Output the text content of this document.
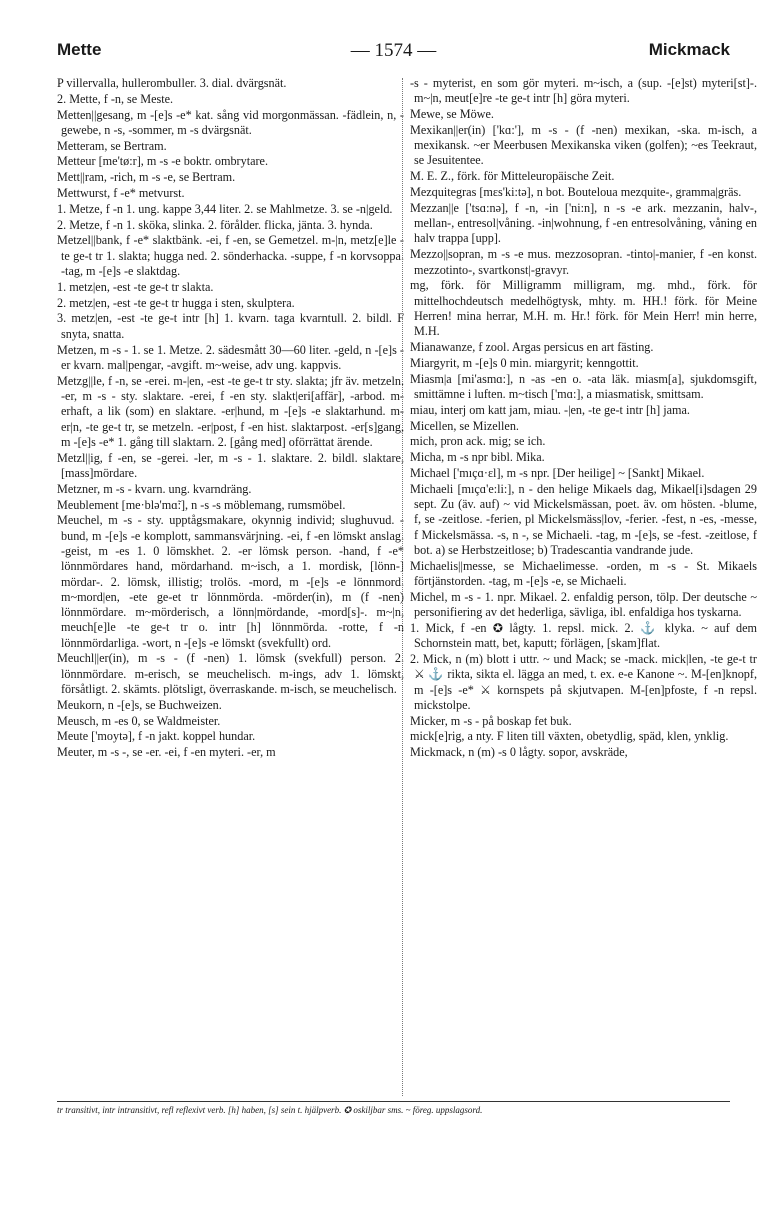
Mette	— 1574 —	Mickmack

P villervalla, hullerombuller. 3. dial. dvärgsnät.

2. Mette, f -n, se Meste.

Metten||gesang, m -[e]s -e* kat. sång vid morgonmässan. -fädlein, n, -gewebe, n -s, -sommer, m -s dvärgsnät.

Metteram, se Bertram.

Metteur [me'tø:r], m -s -e boktr. ombrytare.

Mett||ram, -rich, m -s -e, se Bertram.

Mettwurst, f -e* metvurst.

1. Metze, f -n 1. ung. kappe 3,44 liter. 2. se Mahlmetze. 3. se -n|geld.

2. Metze, f -n 1. sköka, slinka. 2. förålder. flicka, jänta. 3. hynda.

Metzel||bank, f -e* slaktbänk. -ei, f -en, se Gemetzel. m-|n, metz[e]le -te ge-t tr 1. slakta; hugga ned. 2. sönderhacka. -suppe, f -n korvsoppa. -tag, m -[e]s -e slaktdag.

1. metz|en, -est -te ge-t tr slakta.

2. metz|en, -est -te ge-t tr hugga i sten, skulptera.

3. metz|en, -est -te ge-t intr [h] 1. kvarn. taga kvarntull. 2. bildl. F snyta, snatta.

Metzen, m -s - 1. se 1. Metze. 2. sädesmått 30—60 liter. -geld, n -[e]s -er kvarn. mal|pengar, -avgift. m~weise, adv ung. kappvis.

Metzg||le, f -n, se -erei. m-|en, -est -te ge-t tr sty. slakta; jfr äv. metzeln. -er, m -s - sty. slaktare. -erei, f -en sty. slakt|eri[affär], -arbod. m-erhaft, a lik (som) en slaktare. -er|hund, m -[e]s -e slaktarhund. m-er|n, -te ge-t tr, se metzeln. -er|post, f -en hist. slaktarpost. -er[s]gang, m -[e]s -e* 1. gång till slaktarn. 2. [gång med] oförrättat ärende.

Metzl||ig, f -en, se -gerei. -ler, m -s - 1. slaktare. 2. bildl. slaktare, [mass]mördare.

Metzner, m -s - kvarn. ung. kvarndräng.

Meublement [me·blə'mɑ̃:], n -s -s möblemang, rumsmöbel.

Meuchel, m -s - sty. upptågsmakare, okynnig individ; slughuvud. -bund, m -[e]s -e komplott, sammansvärjning. -ei, f -en lömskt anslag. -geist, m -es 1. 0 lömskhet. 2. -er lömsk person. -hand, f -e* lönnmördares hand, mördarhand. m~isch, a 1. mordisk, [lönn-] mördar-. 2. lömsk, illistig; trolös. -mord, m -[e]s -e lönnmord. m~mord|en, -ete ge-et tr lönnmörda. -mörder(in), m (f -nen) lönnmördare. m~mörderisch, a lönn|mördande, -mord[s]-. m~|n, meuch[e]le -te ge-t tr o. intr [h] lönnmörda. -rotte, f -n lönnmördarliga. -wort, n -[e]s -e lömskt (svekfullt) ord.

Meuchl||er(in), m -s - (f -nen) 1. lömsk (svekfull) person. 2. lönnmördare. m-erisch, se meuchelisch. m-ings, adv 1. lömskt, försåtligt. 2. skämts. plötsligt, överraskande. m-isch, se meuchelisch.

Meukorn, n -[e]s, se Buchweizen.

Meusch, m -es 0, se Waldmeister.

Meute ['moytə], f -n jakt. koppel hundar.

Meuter, m -s -, se -er. -ei, f -en myteri. -er, m

-s - myterist, en som gör myteri. m~isch, a (sup. -[e]st) myteri[st]-. m~|n, meut[e]re -te ge-t intr [h] göra myteri.

Mewe, se Möwe.

Mexikan||er(in) ['kɑ:'], m -s - (f -nen) mexikan, -ska. m-isch, a mexikansk. ~er Meerbusen Mexikanska viken (golfen); ~es Teekraut, se Jesuitentee.

M. E. Z., förk. för Mitteleuropäische Zeit.

Mezquitegras [mɛs'ki:tə], n bot. Bouteloua mezquite-, gramma|gräs.

Mezzan||e ['tsɑ:nə], f -n, -in ['ni:n], n -s -e ark. mezzanin, halv-, mellan-, entresol|våning. -in|wohnung, f -en entresolvåning, våning en halv trappa [upp].

Mezzo||sopran, m -s -e mus. mezzosopran. -tinto|-manier, f -en konst. mezzotinto-, svartkonst|-gravyr.

mg, förk. för Milligramm milligram, mg. mhd., förk. för mittelhochdeutsch medelhögtysk, mhty. m. HH.! förk. för Meine Herren! mina herrar, M.H. m. Hr.! förk. för Mein Herr! min herre, M.H.

Mianawanze, f zool. Argas persicus en art fästing.

Miargyrit, m -[e]s 0 min. miargyrit; kenngottit.

Miasm|a [mi'asmɑ:], n -as -en o. -ata läk. miasm[a], sjukdomsgift, smittämne i luften. m~tisch ['mɑ:], a miasmatisk, smittsam.

miau, interj om katt jam, miau. -|en, -te ge-t intr [h] jama.

Micellen, se Mizellen.

mich, pron ack. mig; se ich.

Micha, m -s npr bibl. Mika.

Michael ['mıçɑ·ɛl], m -s npr. [Der heilige] ~ [Sankt] Mikael.

Michaeli [mıçɑ'e:li:], n - den helige Mikaels dag, Mikael[i]sdagen 29 sept. Zu (äv. auf) ~ vid Mickelsmässan, poet. äv. om hösten. -blume, f, se -zeitlose. -ferien, pl Mickelsmäss|lov, -ferier. -fest, n -es, -messe, f Mickelsmässa. -s, n -, se Michaeli. -tag, m -[e]s, se -fest. -zeitlose, f bot. a) se Herbstzeitlose; b) Tradescantia vandrande jude.

Michaelis||messe, se Michaelimesse. -orden, m -s - St. Mikaels förtjänstorden. -tag, m -[e]s -e, se Michaeli.

Michel, m -s - 1. npr. Mikael. 2. enfaldig person, tölp. Der deutsche ~ personifiering av det hederliga, sävliga, ibl. enfaldiga hos tyskarna.

1. Mick, f -en ✪ lågty. 1. repsl. mick. 2. ⚓ klyka. ~ auf dem Schornstein matt, bet, kaputt; förlägen, [skam]flat.

2. Mick, n (m) blott i uttr. ~ und Mack; se -mack. mick|len, -te ge-t tr ⚔ ⚓ rikta, sikta el. lägga an med, t. ex. e-e Kanone ~. M-[en]knopf, m -[e]s -e* ⚔ kornspets på skjutvapen. M-[en]pfoste, f -n repsl. mickstolpe.

Micker, m -s - på boskap fet buk.

mick[e]rig, a nty. F liten till växten, obetydlig, späd, klen, ynklig.

Mickmack, n (m) -s 0 lågty. sopor, avskräde,

tr transitivt, intr intransitivt, refl reflexivt verb. [h] haben, [s] sein t. hjälpverb. ✪ oskiljbar sms. ~ föreg. uppslagsord.
